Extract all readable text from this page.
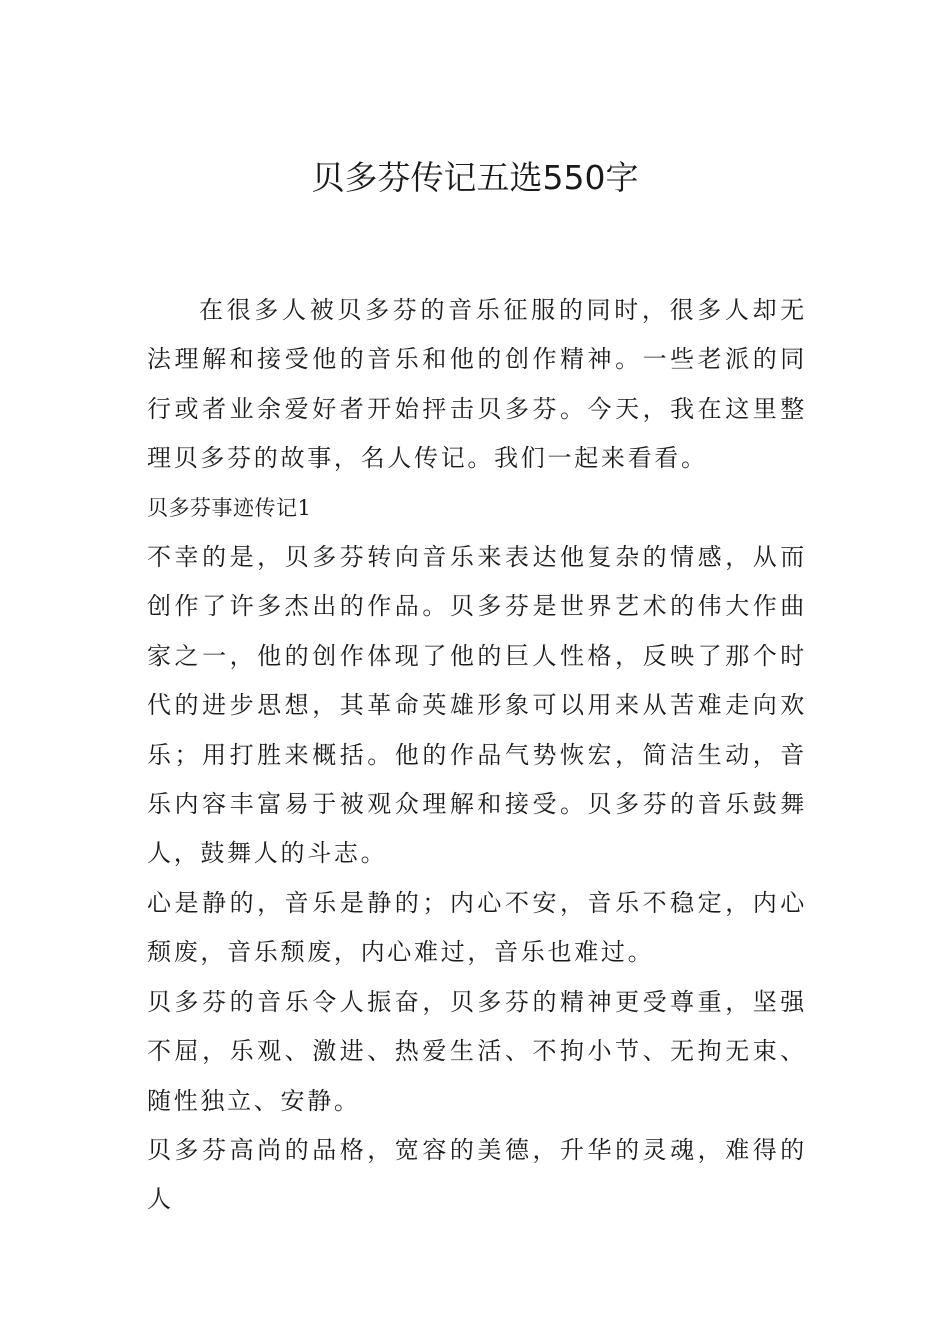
贝多芬传记五选550字

在很多人被贝多芬的音乐征服的同时，很多人却无法理解和接受他的音乐和他的创作精神。一些老派的同行或者业余爱好者开始抨击贝多芬。今天，我在这里整理贝多芬的故事，名人传记。我们一起来看看。

贝多芬事迹传记1

不幸的是，贝多芬转向音乐来表达他复杂的情感，从而创作了许多杰出的作品。贝多芬是世界艺术的伟大作曲家之一，他的创作体现了他的巨人性格，反映了那个时代的进步思想，其革命英雄形象可以用来从苦难走向欢乐；用打胜来概括。他的作品气势恢宏，简洁生动，音乐内容丰富易于被观众理解和接受。贝多芬的音乐鼓舞人，鼓舞人的斗志。

心是静的，音乐是静的；内心不安，音乐不稳定，内心颓废，音乐颓废，内心难过，音乐也难过。

贝多芬的音乐令人振奋，贝多芬的精神更受尊重，坚强不屈，乐观、激进、热爱生活、不拘小节、无拘无束、随性独立、安静。

贝多芬高尚的品格，宽容的美德，升华的灵魂，难得的人
